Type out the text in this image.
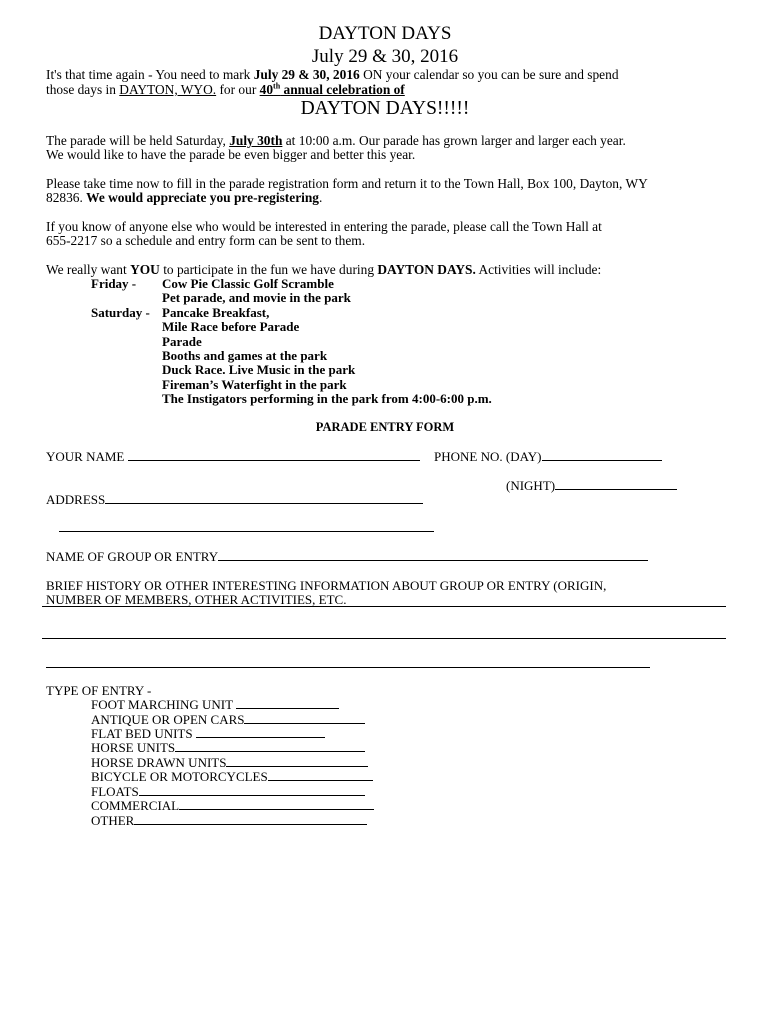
DAYTON DAYS
July 29 & 30, 2016
It's that time again - You need to mark July 29 & 30, 2016 ON your calendar so you can be sure and spend
those days in DAYTON, WYO. for our 40th annual celebration of
DAYTON DAYS!!!!!
The parade will be held Saturday, July 30th at 10:00 a.m. Our parade has grown larger and larger each year.
We would like to have the parade be even bigger and better this year.
Please take time now to fill in the parade registration form and return it to the Town Hall, Box 100, Dayton, WY
82836. We would appreciate you pre-registering.
If you know of anyone else who would be interested in entering the parade, please call the Town Hall at
655-2217 so a schedule and entry form can be sent to them.
We really want YOU to participate in the fun we have during DAYTON DAYS. Activities will include:
Friday - Cow Pie Classic Golf Scramble
Pet parade, and movie in the park
Saturday - Pancake Breakfast,
Mile Race before Parade
Parade
Booths and games at the park
Duck Race. Live Music in the park
Fireman’s Waterfight in the park
The Instigators performing in the park from 4:00-6:00 p.m.
PARADE ENTRY FORM
YOUR NAME	PHONE NO. (DAY)
(NIGHT)
ADDRESS
NAME OF GROUP OR ENTRY
BRIEF HISTORY OR OTHER INTERESTING INFORMATION ABOUT GROUP OR ENTRY (ORIGIN,
NUMBER OF MEMBERS, OTHER ACTIVITIES, ETC.
TYPE OF ENTRY -
FOOT MARCHING UNIT
ANTIQUE OR OPEN CARS
FLAT BED UNITS
HORSE UNITS
HORSE DRAWN UNITS
BICYCLE OR MOTORCYCLES
FLOATS
COMMERCIAL
OTHER
